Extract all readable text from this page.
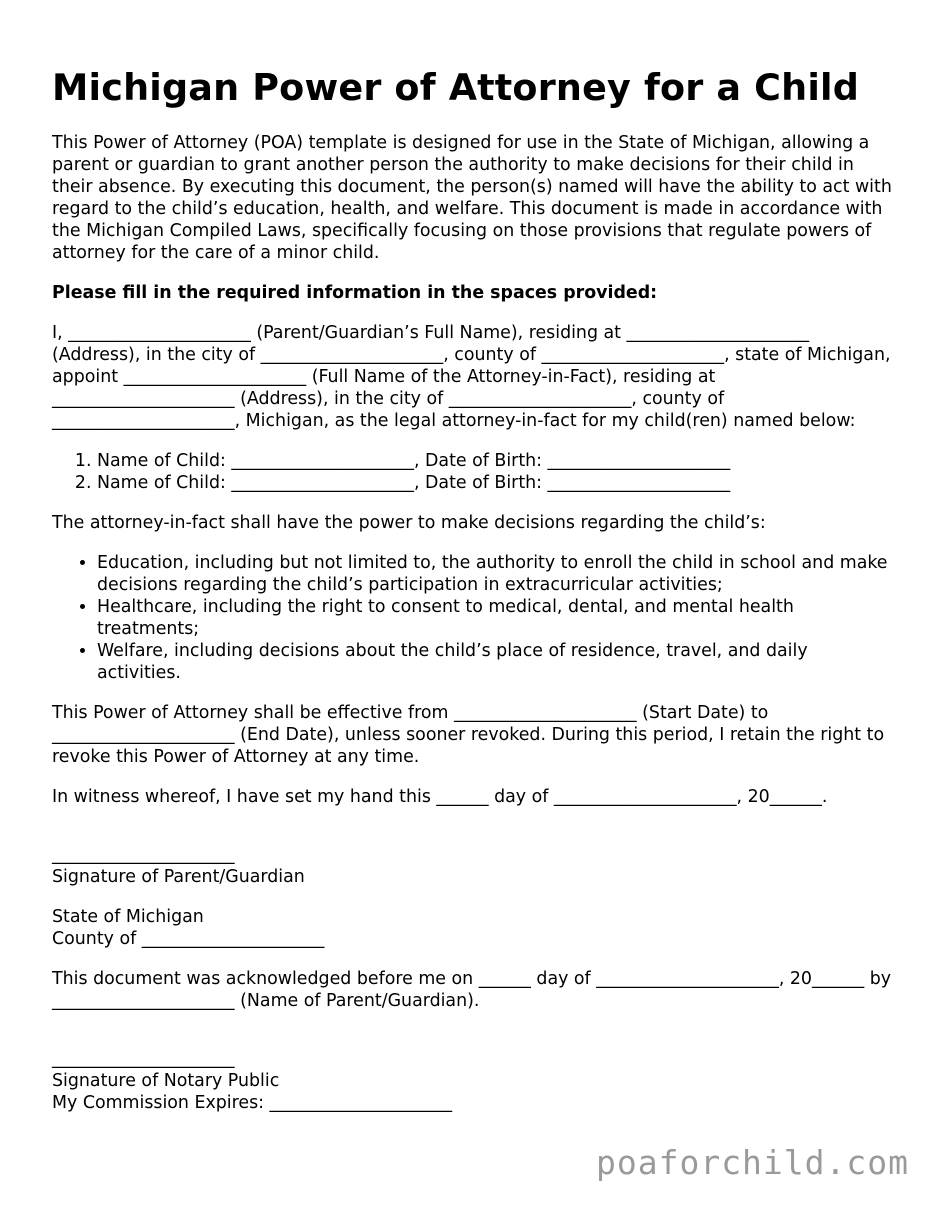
Michigan Power of Attorney for a Child

This Power of Attorney (POA) template is designed for use in the State of Michigan, allowing a parent or guardian to grant another person the authority to make decisions for their child in their absence. By executing this document, the person(s) named will have the ability to act with regard to the child’s education, health, and welfare. This document is made in accordance with the Michigan Compiled Laws, specifically focusing on those provisions that regulate powers of attorney for the care of a minor child.

Please fill in the required information in the spaces provided:

I, _____________________ (Parent/Guardian’s Full Name), residing at _____________________ (Address), in the city of _____________________, county of _____________________, state of Michigan, appoint _____________________ (Full Name of the Attorney-in-Fact), residing at _____________________ (Address), in the city of _____________________, county of _____________________, Michigan, as the legal attorney-in-fact for my child(ren) named below:

1. Name of Child: _____________________, Date of Birth: _____________________
2. Name of Child: _____________________, Date of Birth: _____________________

The attorney-in-fact shall have the power to make decisions regarding the child’s:

• Education, including but not limited to, the authority to enroll the child in school and make decisions regarding the child’s participation in extracurricular activities;
• Healthcare, including the right to consent to medical, dental, and mental health treatments;
• Welfare, including decisions about the child’s place of residence, travel, and daily activities.

This Power of Attorney shall be effective from _____________________ (Start Date) to _____________________ (End Date), unless sooner revoked. During this period, I retain the right to revoke this Power of Attorney at any time.

In witness whereof, I have set my hand this ______ day of _____________________, 20______.

_____________________
Signature of Parent/Guardian
State of Michigan
County of _____________________

This document was acknowledged before me on ______ day of _____________________, 20______ by _____________________ (Name of Parent/Guardian).

_____________________
Signature of Notary Public
My Commission Expires: _____________________
poaforchild.com
